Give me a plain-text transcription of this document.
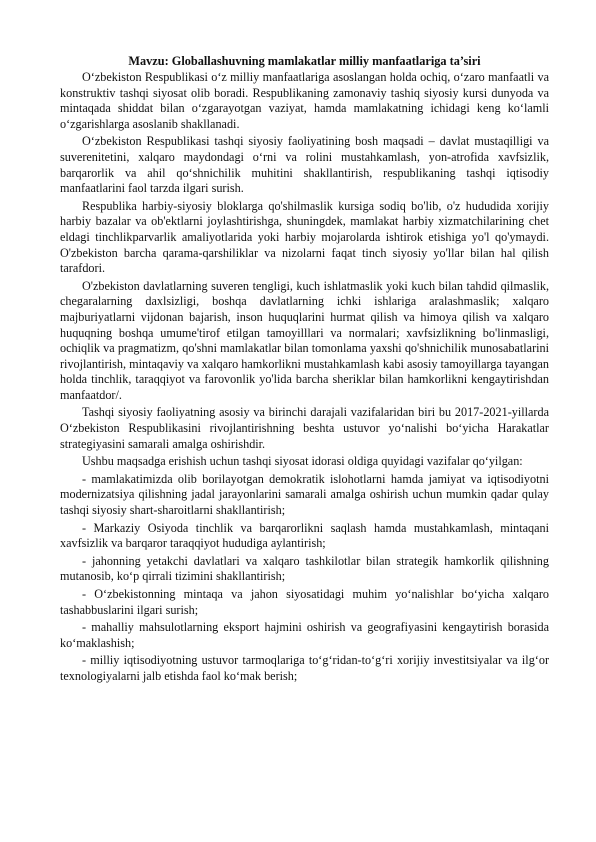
Mavzu: Globallashuvning mamlakatlar milliy manfaatlariga ta’siri

O‘zbekiston Respublikasi o‘z milliy manfaatlariga asoslangan holda ochiq, o‘zaro manfaatli va konstruktiv tashqi siyosat olib boradi. Respublikaning zamonaviy tashiq siyosiy kursi dunyoda va mintaqada shiddat bilan o‘zgarayotgan vaziyat, hamda mamlakatning ichidagi keng ko‘lamli o‘zgarishlarga asoslanib shakllanadi.

O‘zbekiston Respublikasi tashqi siyosiy faoliyatining bosh maqsadi – davlat mustaqilligi va suverenitetini, xalqaro maydondagi o‘rni va rolini mustahkamlash, yon-atrofida xavfsizlik, barqarorlik va ahil qo‘shnichilik muhitini shakllantirish, respublikaning tashqi iqtisodiy manfaatlarini faol tarzda ilgari surish.

Respublika harbiy-siyosiy bloklarga qo'shilmaslik kursiga sodiq bo'lib, o'z hududida xorijiy harbiy bazalar va ob'ektlarni joylashtirishga, shuningdek, mamlakat harbiy xizmatchilarining chet eldagi tinchlikparvarlik amaliyotlarida yoki harbiy mojarolarda ishtirok etishiga yo'l qo'ymaydi. O'zbekiston barcha qarama-qarshiliklar va nizolarni faqat tinch siyosiy yo'llar bilan hal qilish tarafdori.

O'zbekiston davlatlarning suveren tengligi, kuch ishlatmaslik yoki kuch bilan tahdid qilmaslik, chegaralarning daxlsizligi, boshqa davlatlarning ichki ishlariga aralashmaslik; xalqaro majburiyatlarni vijdonan bajarish, inson huquqlarini hurmat qilish va himoya qilish va xalqaro huquqning boshqa umume'tirof etilgan tamoyilllari va normalari; xavfsizlikning bo'linmasligi, ochiqlik va pragmatizm, qo'shni mamlakatlar bilan tomonlama yaxshi qo'shnichilik munosabatlarini rivojlantirish, mintaqaviy va xalqaro hamkorlikni mustahkamlash kabi asosiy tamoyillarga tayangan holda tinchlik, taraqqiyot va farovonlik yo'lida barcha sheriklar bilan hamkorlikni kengaytirishdan manfaatdor/.

Tashqi siyosiy faoliyatning asosiy va birinchi darajali vazifalaridan biri bu 2017-2021-yillarda O‘zbekiston Respublikasini rivojlantirishning beshta ustuvor yo‘nalishi bo‘yicha Harakatlar strategiyasini samarali amalga oshirishdir.

Ushbu maqsadga erishish uchun tashqi siyosat idorasi oldiga quyidagi vazifalar qo‘yilgan:

- mamlakatimizda olib borilayotgan demokratik islohotlarni hamda jamiyat va iqtisodiyotni modernizatsiya qilishning jadal jarayonlarini samarali amalga oshirish uchun mumkin qadar qulay tashqi siyosiy shart-sharoitlarni shakllantirish;

- Markaziy Osiyoda tinchlik va barqarorlikni saqlash hamda mustahkamlash, mintaqani xavfsizlik va barqaror taraqqiyot hududiga aylantirish;

- jahonning yetakchi davlatlari va xalqaro tashkilotlar bilan strategik hamkorlik qilishning mutanosib, ko‘p qirrali tizimini shakllantirish;

- O‘zbekistonning mintaqa va jahon siyosatidagi muhim yo‘nalishlar bo‘yicha xalqaro tashabbuslarini ilgari surish;

- mahalliy mahsulotlarning eksport hajmini oshirish va geografiyasini kengaytirish borasida ko‘maklashish;

- milliy iqtisodiyotning ustuvor tarmoqlariga to‘g‘ridan-to‘g‘ri xorijiy investitsiyalar va ilg‘or texnologiyalarni jalb etishda faol ko‘mak berish;
